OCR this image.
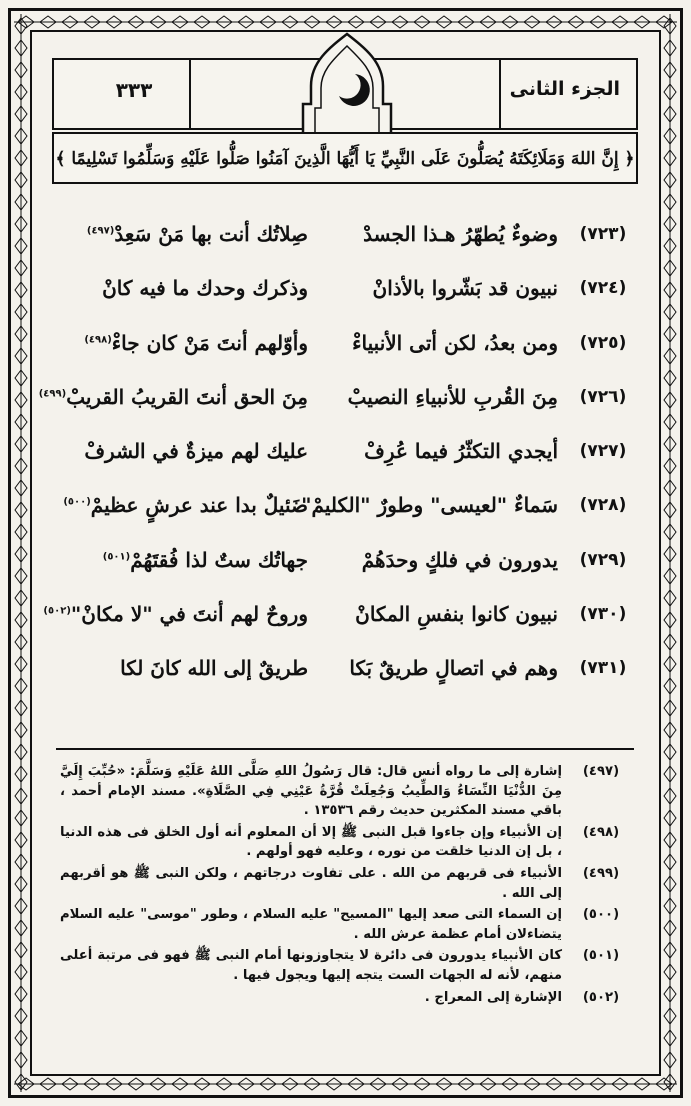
٣٣٣	الجزء الثانى
﴿ إِنَّ اللهَ وَمَلَائِكَتَهُ يُصَلُّونَ عَلَى النَّبِيِّ يَا أَيُّهَا الَّذِينَ آمَنُوا صَلُّوا عَلَيْهِ وَسَلِّمُوا تَسْلِيمًا ﴾
(٧٢٣)
وضوءٌ يُطهّرُ هـذا الجسدْ
صِلاتُك أنت بها مَنْ سَعِدْ$^{(٤٩٧)}$
(٧٢٤)
نبيون قد بَشّروا بالأذانْ
وذكرك وحدك ما فيه كانْ
(٧٢٥)
ومن بعدُ، لكن أتى الأنبياءْ
وأوّلهم أنتَ مَنْ كان جاءْ$^{(٤٩٨)}$
(٧٢٦)
مِنَ القُربِ للأنبياءِ النصيبْ
مِنَ الحق أنتَ القريبُ القريبْ$^{(٤٩٩)}$
(٧٢٧)
أيجدي التكثّرُ فيما عُرِفْ
عليك لهم ميزةٌ في الشرفْ
(٧٢٨)
سَماءٌ "لعيسى" وطورٌ "الكليمْ"
ضَئيلٌ بدا عند عرشٍ عظيمْ$^{(٥٠٠)}$
(٧٢٩)
يدورون في فلكٍ وحدَهُمْ
جهاتُك ستٌ لذا فُقتَهُمْ$^{(٥٠١)}$
(٧٣٠)
نبيون كانوا بنفسِ المكانْ
وروحٌ لهم أنتَ في "لا مكانْ"$^{(٥٠٢)}$
(٧٣١)
وهم في اتصالٍ طريقٌ بَكا
طريقٌ إلى الله كانَ لكا
(٤٩٧)
إشارة إلى ما رواه أنس قال: قال رَسُولُ اللهِ صَلَّى اللهُ عَلَيْهِ وَسَلَّمَ: «حُبِّبَ إِلَيَّ مِنَ الدُّنْيَا النِّسَاءُ وَالطِّيبُ وَجُعِلَتْ قُرَّةُ عَيْنِي فِي الصَّلَاةِ». مسند الإمام أحمد ، باقي مسند المكثرين حديث رقم ١٣٥٣٦ .
(٤٩٨)
إن الأنبياء وإن جاءوا قبل النبى ﷺ إلا أن المعلوم أنه أول الخلق فى هذه الدنيا ، بل إن الدنيا خلقت من نوره ، وعليه فهو أولهم .
(٤٩٩)
الأنبياء فى قربهم من الله . على تفاوت درجاتهم ، ولكن النبى ﷺ هو أقربهم إلى الله .
(٥٠٠)
إن السماء التى صعد إليها "المسيح" عليه السلام ، وطور "موسى" عليه السلام يتضاءلان أمام عظمة عرش الله .
(٥٠١)
كان الأنبياء يدورون فى دائرة لا يتجاوزونها أمام النبى ﷺ فهو فى مرتبة أعلى منهم، لأنه له الجهات الست يتجه إليها ويجول فيها .
(٥٠٢)
الإشارة إلى المعراج .
